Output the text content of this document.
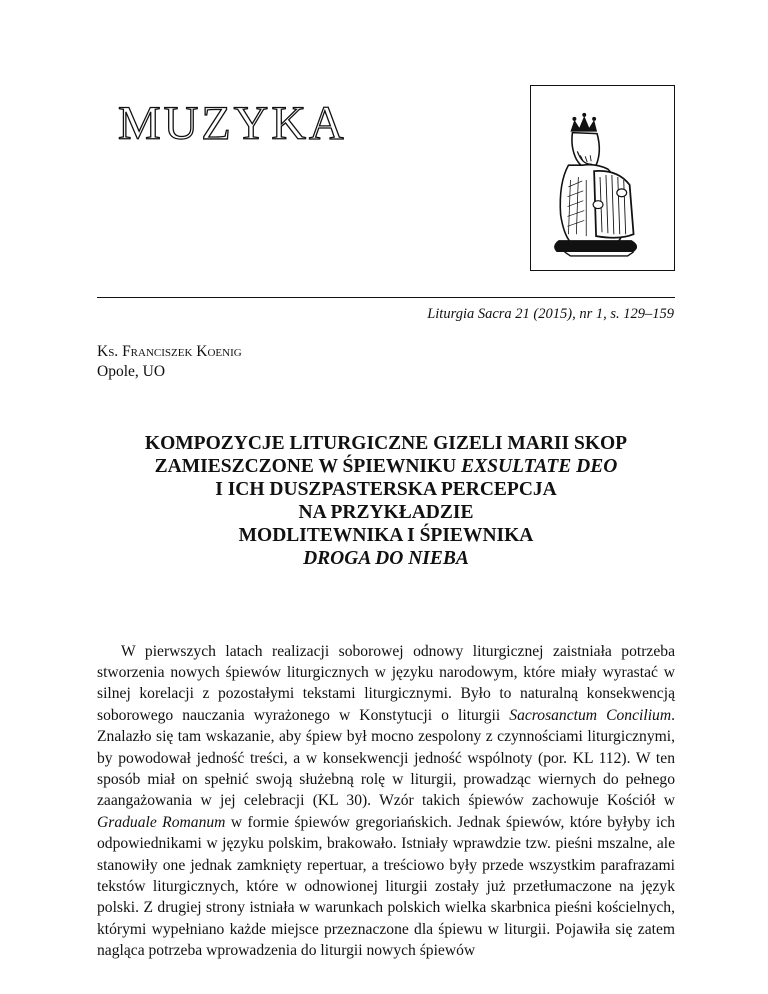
MUZYKA
Liturgia Sacra 21 (2015), nr 1, s. 129–159
Ks. Franciszek Koenig
Opole, UO
KOMPOZYCJE LITURGICZNE GIZELI MARII SKOP
ZAMIESZCZONE W ŚPIEWNIKU EXSULTATE DEO
I ICH DUSZPASTERSKA PERCEPCJA
NA PRZYKŁADZIE
MODLITEWNIKA I ŚPIEWNIKA
DROGA DO NIEBA

W pierwszych latach realizacji soborowej odnowy liturgicznej zaistniała potrzeba stworzenia nowych śpiewów liturgicznych w języku narodowym, które miały wyrastać w silnej korelacji z pozostałymi tekstami liturgicznymi. Było to naturalną konsekwencją soborowego nauczania wyrażonego w Konstytucji o liturgii Sacrosanctum Concilium. Znalazło się tam wskazanie, aby śpiew był mocno zespolony z czynnościami liturgicznymi, by powodował jedność treści, a w konsekwencji jedność wspólnoty (por. KL 112). W ten sposób miał on spełnić swoją służebną rolę w liturgii, prowadząc wiernych do pełnego zaangażowania w jej celebracji (KL 30). Wzór takich śpiewów zachowuje Kościół w Graduale Romanum w formie śpiewów gregoriańskich. Jednak śpiewów, które byłyby ich odpowiednikami w języku polskim, brakowało. Istniały wprawdzie tzw. pieśni mszalne, ale stanowiły one jednak zamknięty repertuar, a treściowo były przede wszystkim parafrazami tekstów liturgicznych, które w odnowionej liturgii zostały już przetłumaczone na język polski. Z drugiej strony istniała w warunkach polskich wielka skarbnica pieśni kościelnych, którymi wypełniano każde miejsce przeznaczone dla śpiewu w liturgii. Pojawiła się zatem nagląca potrzeba wprowadzenia do liturgii nowych śpiewów
